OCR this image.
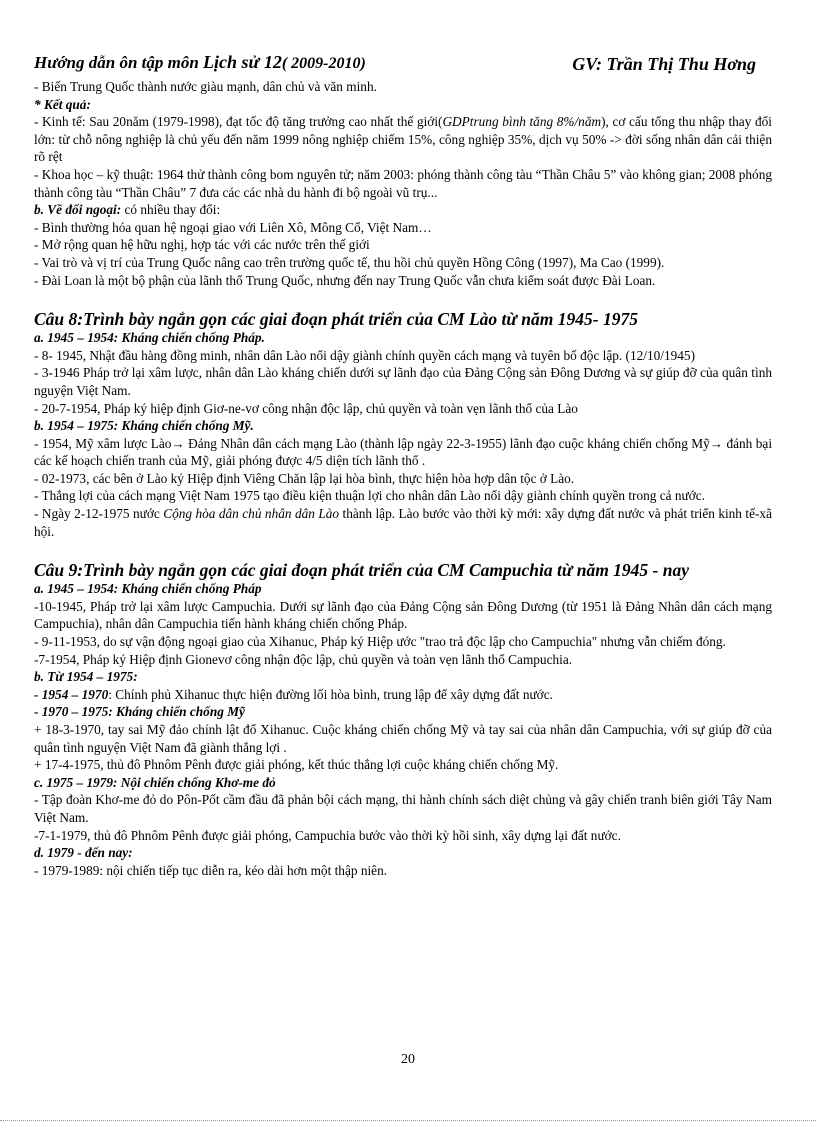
Hướng dẫn ôn tập môn Lịch sử 12( 2009-2010)	GV: Trần Thị Thu Hơng

- Biến Trung Quốc thành nước giàu mạnh, dân chủ và văn minh.

* Kết quả:

- Kinh tế: Sau 20năm (1979-1998), đạt tốc độ tăng trưởng cao nhất thế giới(GDPtrung bình tăng 8%/năm), cơ cấu tổng thu nhập thay đổi lớn: từ chỗ nông nghiệp là chủ yếu đến năm 1999 nông nghiệp chiếm 15%, công nghiệp 35%, dịch vụ 50% -> đời sống nhân dân cải thiện rõ rệt

- Khoa học – kỹ thuật: 1964 thử thành công bom nguyên tử; năm 2003: phóng thành công tàu “Thần Châu 5” vào không gian; 2008 phóng thành công tàu “Thần Châu” 7 đưa các các nhà du hành đi bộ ngoài vũ trụ...

b. Về đối ngoại: có nhiều thay đổi:

- Bình thường hóa quan hệ ngoại giao với Liên Xô, Mông Cổ, Việt Nam…

- Mở rộng quan hệ hữu nghị, hợp tác với các nước trên thế giới

- Vai trò và vị trí của Trung Quốc nâng cao trên trường quốc tế, thu hồi chủ quyền Hồng Công (1997), Ma Cao (1999).

- Đài Loan là một bộ phận của lãnh thổ Trung Quốc, nhưng đến nay Trung Quốc vẫn chưa kiểm soát được Đài Loan.

Câu 8:Trình bày ngắn gọn các giai đoạn phát triển của CM Lào từ năm 1945- 1975

a. 1945 – 1954: Kháng chiến chống Pháp.

- 8- 1945, Nhật đầu hàng đồng minh, nhân dân Lào nổi dậy giành chính quyền cách mạng và tuyên bố độc lập. (12/10/1945)

- 3-1946 Pháp trở lại xâm lược, nhân dân Lào kháng chiến dưới sự lãnh đạo của Đảng Cộng sản Đông Dương và sự giúp đỡ của quân tình nguyện Việt Nam.

- 20-7-1954, Pháp ký hiệp định Giơ-ne-vơ công nhận độc lập, chủ quyền và toàn vẹn lãnh thổ của Lào

b. 1954 – 1975: Kháng chiến chống Mỹ.

- 1954, Mỹ xâm lược Lào→ Đảng Nhân dân cách mạng Lào (thành lập ngày 22-3-1955) lãnh đạo cuộc kháng chiến chống Mỹ→ đánh bại các kế hoạch chiến tranh của Mỹ, giải phóng được 4/5 diện tích lãnh thổ .

- 02-1973, các bên ở Lào ký Hiệp định Viêng Chăn lập lại hòa bình, thực hiện hòa hợp dân tộc ở Lào.

- Thắng lợi của cách mạng Việt Nam 1975 tạo điều kiện thuận lợi cho nhân dân Lào nổi dậy giành chính quyền trong cả nước.

- Ngày 2-12-1975 nước Cộng hòa dân chủ nhân dân Lào thành lập. Lào bước vào thời kỳ mới: xây dựng đất nước và phát triển kinh tế-xã hội.

Câu 9:Trình bày ngắn gọn các giai đoạn phát triển của CM Campuchia từ năm 1945 - nay

a. 1945 – 1954: Kháng chiến chống Pháp

-10-1945, Pháp trở lại xâm lược Campuchia. Dưới sự lãnh đạo của Đảng Cộng sản Đông Dương (từ 1951 là Đảng Nhân dân cách mạng Campuchia), nhân dân Campuchia tiến hành kháng chiến chống Pháp.

- 9-11-1953, do sự vận động ngoại giao của Xihanuc, Pháp ký Hiệp ước "trao trả độc lập cho Campuchia" nhưng vẫn chiếm đóng.

-7-1954, Pháp ký Hiệp định Gionevơ công nhận độc lập, chủ quyền và toàn vẹn lãnh thổ Campuchia.

b. Từ 1954 – 1975:

- 1954 – 1970: Chính phủ Xihanuc thực hiện đường lối hòa bình, trung lập để xây dựng đất nước.

- 1970 – 1975: Kháng chiến chống Mỹ

+ 18-3-1970, tay sai Mỹ đảo chính lật đổ Xihanuc. Cuộc kháng chiến chống Mỹ và tay sai của nhân dân Campuchia, với sự giúp đỡ của quân tình nguyện Việt Nam đã giành thắng lợi .

+ 17-4-1975, thủ đô Phnôm Pênh được giải phóng, kết thúc thắng lợi cuộc kháng chiến chống Mỹ.

c. 1975 – 1979: Nội chiến chống Khơ-me đỏ

- Tập đoàn Khơ-me đỏ do Pôn-Pốt cầm đầu đã phản bội cách mạng, thi hành chính sách diệt chủng và gây chiến tranh biên giới Tây Nam Việt Nam.

-7-1-1979, thủ đô Phnôm Pênh được giải phóng, Campuchia bước vào thời kỳ hồi sinh, xây dựng lại đất nước.

d. 1979 - đến nay:

- 1979-1989: nội chiến tiếp tục diễn ra, kéo dài hơn một thập niên.

20
